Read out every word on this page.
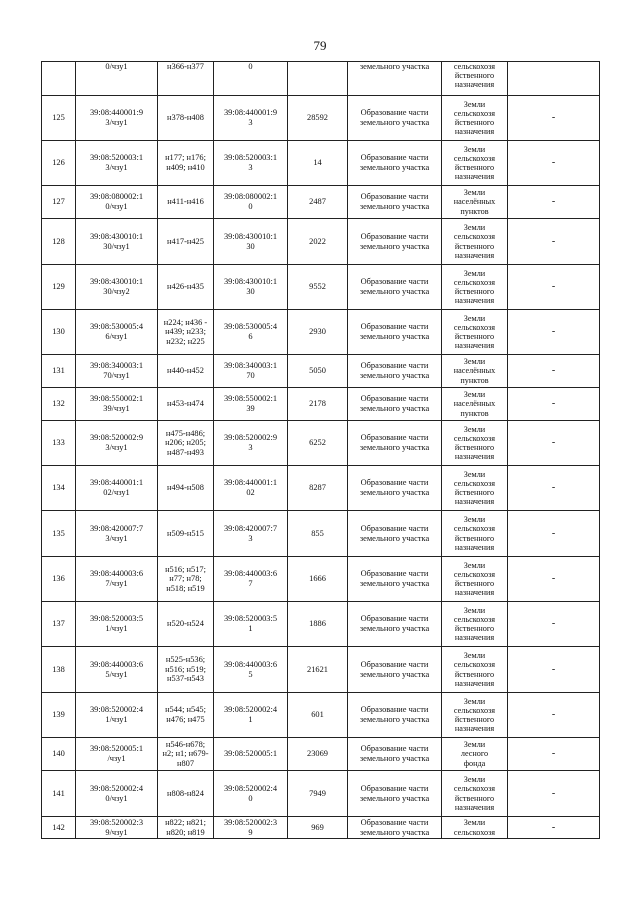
79

	0/чзу1	н366-н377	0		земельного участка	сельскохозя
йственного
назначения	

125	39:08:440001:9
3/чзу1	н378-н408	39:08:440001:9
3	28592	Образование части
земельного участка	Земли
сельскохозя
йственного
назначения	-
126	39:08:520003:1
3/чзу1	н177; н176;
н409; н410	39:08:520003:1
3	14	Образование части
земельного участка	Земли
сельскохозя
йственного
назначения	-
127	39:08:080002:1
0/чзу1	н411-н416	39:08:080002:1
0	2487	Образование части
земельного участка	Земли
населённых
пунктов	-
128	39:08:430010:1
30/чзу1	н417-н425	39:08:430010:1
30	2022	Образование части
земельного участка	Земли
сельскохозя
йственного
назначения	-
129	39:08:430010:1
30/чзу2	н426-н435	39:08:430010:1
30	9552	Образование части
земельного участка	Земли
сельскохозя
йственного
назначения	-
130	39:08:530005:4
6/чзу1	н224; н436 -
н439; н233;
н232; н225	39:08:530005:4
6	2930	Образование части
земельного участка	Земли
сельскохозя
йственного
назначения	-
131	39:08:340003:1
70/чзу1	н440-н452	39:08:340003:1
70	5050	Образование части
земельного участка	Земли
населённых
пунктов	-
132	39:08:550002:1
39/чзу1	н453-н474	39:08:550002:1
39	2178	Образование части
земельного участка	Земли
населённых
пунктов	-
133	39:08:520002:9
3/чзу1	н475-н486;
н206; н205;
н487-н493	39:08:520002:9
3	6252	Образование части
земельного участка	Земли
сельскохозя
йственного
назначения	-
134	39:08:440001:1
02/чзу1	н494-н508	39:08:440001:1
02	8287	Образование части
земельного участка	Земли
сельскохозя
йственного
назначения	-
135	39:08:420007:7
3/чзу1	н509-н515	39:08:420007:7
3	855	Образование части
земельного участка	Земли
сельскохозя
йственного
назначения	-
136	39:08:440003:6
7/чзу1	н516; н517;
н77; н78;
н518; н519	39:08:440003:6
7	1666	Образование части
земельного участка	Земли
сельскохозя
йственного
назначения	-
137	39:08:520003:5
1/чзу1	н520-н524	39:08:520003:5
1	1886	Образование части
земельного участка	Земли
сельскохозя
йственного
назначения	-
138	39:08:440003:6
5/чзу1	н525-н536;
н516; н519;
н537-н543	39:08:440003:6
5	21621	Образование части
земельного участка	Земли
сельскохозя
йственного
назначения	-
139	39:08:520002:4
1/чзу1	н544; н545;
н476; н475	39:08:520002:4
1	601	Образование части
земельного участка	Земли
сельскохозя
йственного
назначения	-
140	39:08:520005:1
/чзу1	н546-н678;
н2; н1; н679-
н807	39:08:520005:1	23069	Образование части
земельного участка	Земли
лесного
фонда	-
141	39:08:520002:4
0/чзу1	н808-н824	39:08:520002:4
0	7949	Образование части
земельного участка	Земли
сельскохозя
йственного
назначения	-
142	39:08:520002:3
9/чзу1	н822; н821;
н820; н819	39:08:520002:3
9	969	Образование части
земельного участка	Земли
сельскохозя	-
